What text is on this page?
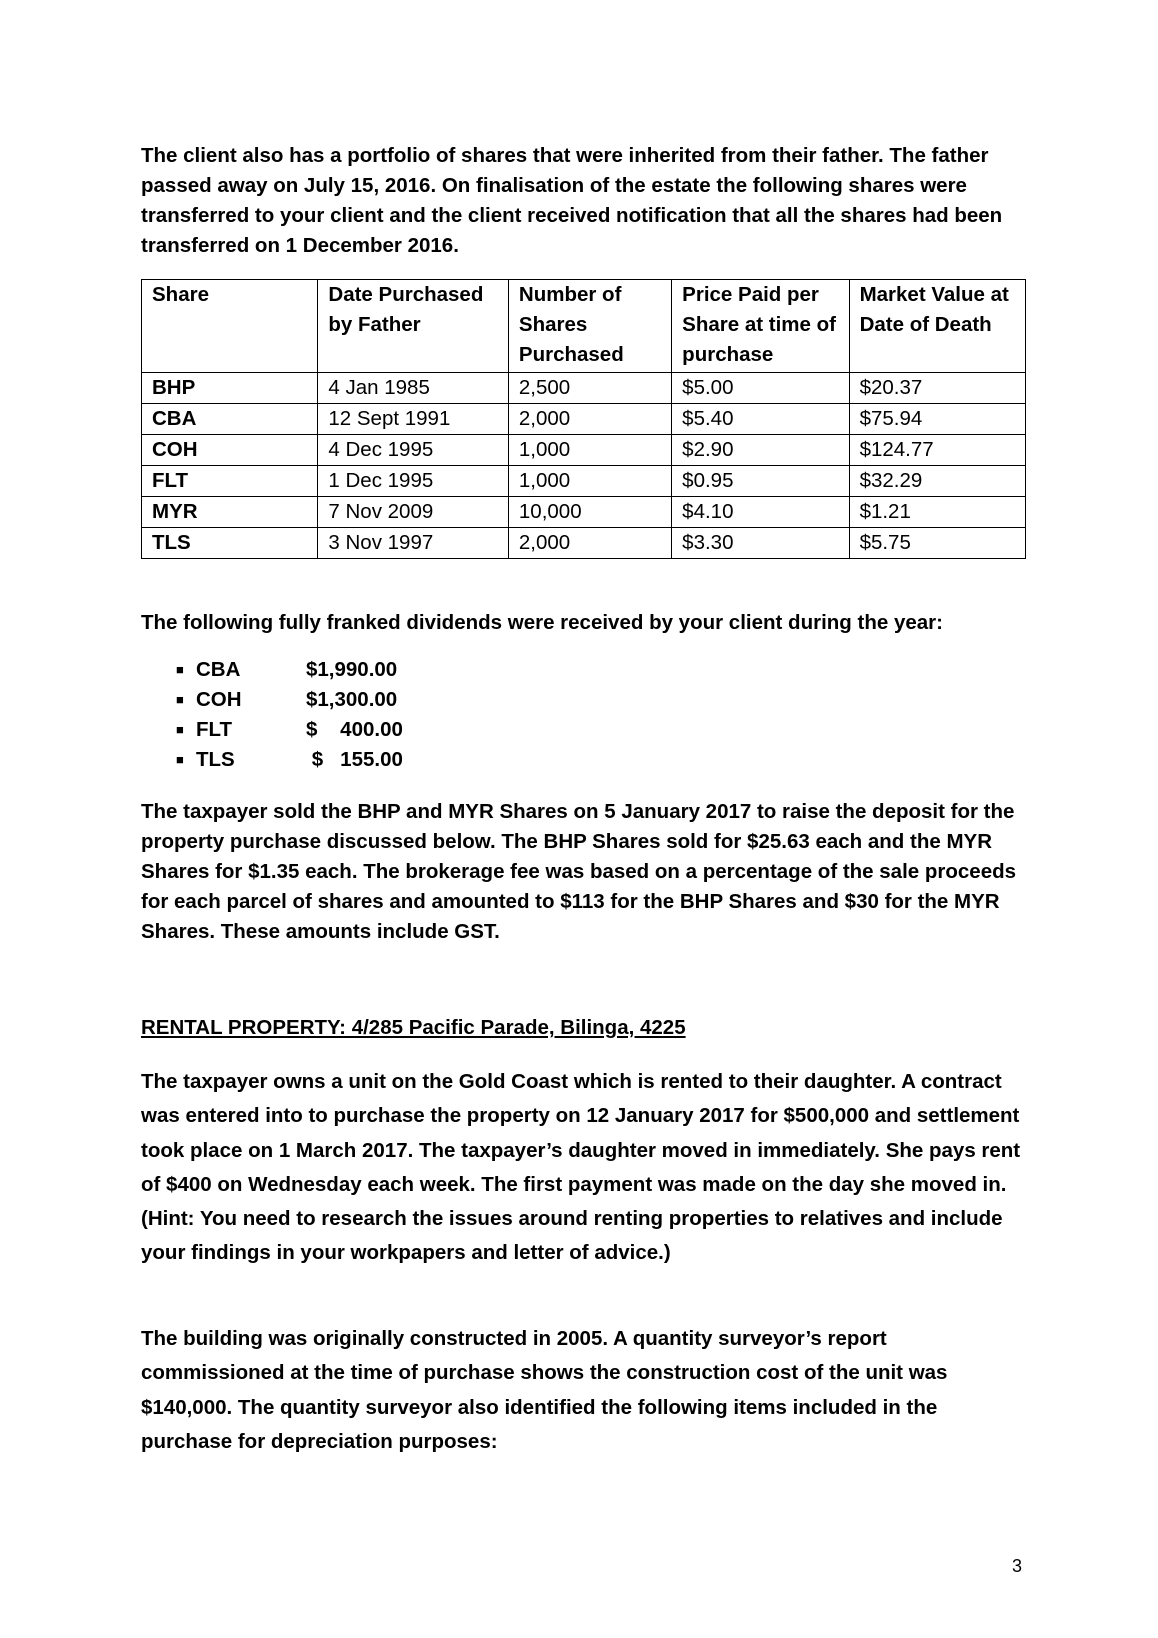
The client also has a portfolio of shares that were inherited from their father. The father passed away on July 15, 2016. On finalisation of the estate the following shares were transferred to your client and the client received notification that all the shares had been transferred on 1 December 2016.

Share	Date Purchased by Father	Number of Shares Purchased	Price Paid per Share at time of purchase	Market Value at Date of Death
BHP	4 Jan 1985	2,500	$5.00	$20.37
CBA	12 Sept 1991	2,000	$5.40	$75.94
COH	4 Dec 1995	1,000	$2.90	$124.77
FLT	1 Dec 1995	1,000	$0.95	$32.29
MYR	7 Nov 2009	10,000	$4.10	$1.21
TLS	3 Nov 1997	2,000	$3.30	$5.75

The following fully franked dividends were received by your client during the year:

■ CBA	$1,990.00
■ COH	$1,300.00
■ FLT	$    400.00
■ TLS	$   155.00

The taxpayer sold the BHP and MYR Shares on 5 January 2017 to raise the deposit for the property purchase discussed below. The BHP Shares sold for $25.63 each and the MYR Shares for $1.35 each. The brokerage fee was based on a percentage of the sale proceeds for each parcel of shares and amounted to $113 for the BHP Shares and $30 for the MYR Shares. These amounts include GST.

RENTAL PROPERTY: 4/285 Pacific Parade, Bilinga, 4225

The taxpayer owns a unit on the Gold Coast which is rented to their daughter. A contract was entered into to purchase the property on 12 January 2017 for $500,000 and settlement took place on 1 March 2017. The taxpayer’s daughter moved in immediately. She pays rent of $400 on Wednesday each week. The first payment was made on the day she moved in. (Hint: You need to research the issues around renting properties to relatives and include your findings in your workpapers and letter of advice.)

The building was originally constructed in 2005. A quantity surveyor’s report commissioned at the time of purchase shows the construction cost of the unit was $140,000. The quantity surveyor also identified the following items included in the purchase for depreciation purposes:

3
